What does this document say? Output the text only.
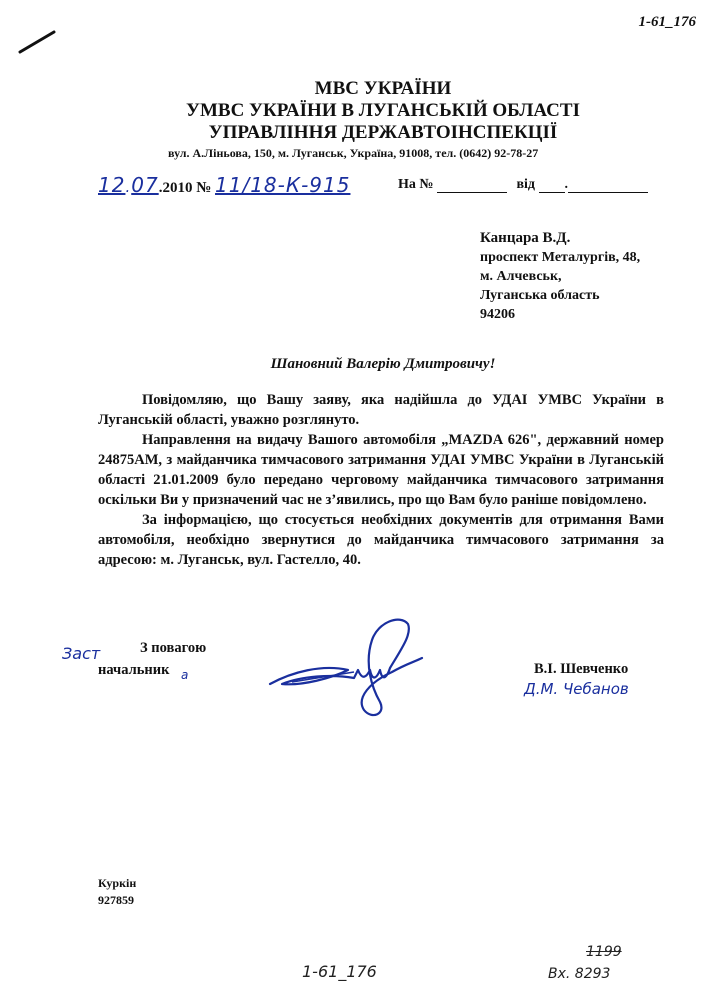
1-61_176
МВС УКРАЇНИ
УМВС УКРАЇНИ В ЛУГАНСЬКІЙ ОБЛАСТІ
УПРАВЛІННЯ ДЕРЖАВТОІНСПЕКЦІЇ
вул. А.Ліньова, 150, м. Луганськ, Україна, 91008, тел. (0642) 92-78-27
12.07.2010 № 11/18-К-915	На №	від .
Канцара В.Д.
проспект Металургів, 48,
м. Алчевськ,
Луганська область
94206
Шановний Валерію Дмитровичу!

Повідомляю, що Вашу заяву, яка надійшла до УДАІ УМВС України в Луганській області, уважно розглянуто.

Направлення на видачу Вашого автомобіля „MAZDA 626", державний номер 24875АМ, з майданчика тимчасового затримання УДАІ УМВС України в Луганській області 21.01.2009 було передано черговому майданчика тимчасового затримання оскільки Ви у призначений час не з’явились, про що Вам було раніше повідомлено.

За інформацією, що стосується необхідних документів для отримання Вами автомобіля, необхідно звернутися до майданчика тимчасового затримання за адресою: м. Луганськ, вул. Гастелло, 40.

Заст	З повагою
начальник а	В.І. Шевченко
Д.М. Чебанов
Куркін
927859
1-61_176
1199
Вх. 8293
